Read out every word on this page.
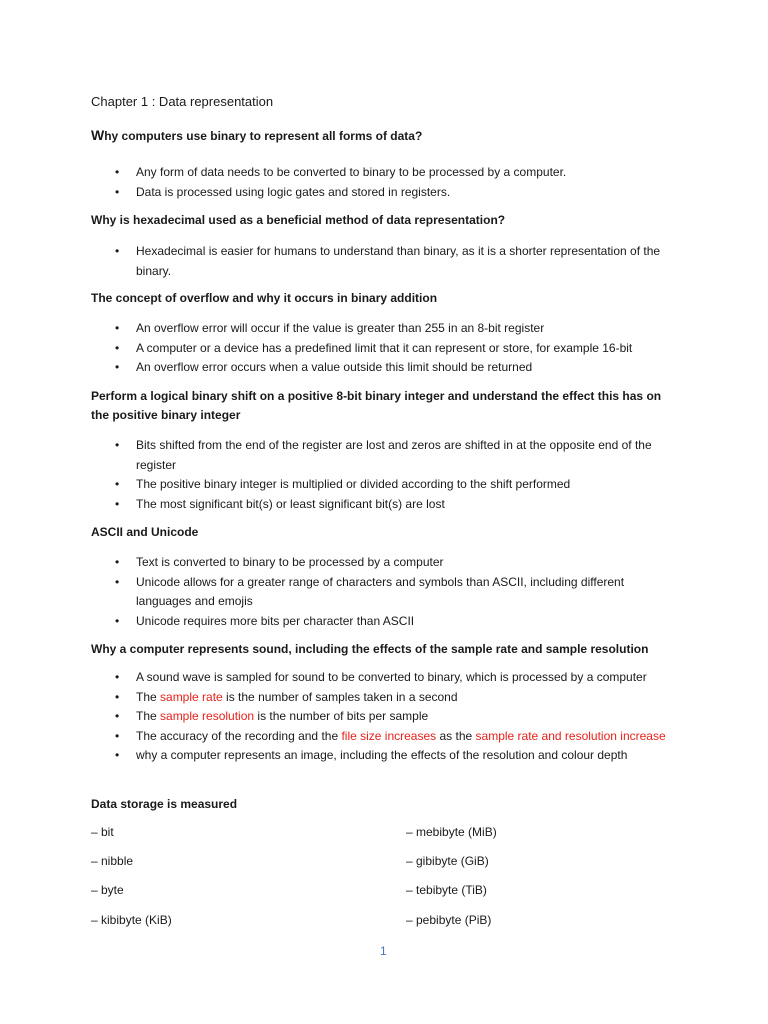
Chapter 1 : Data representation
Why computers use binary to represent all forms of data?
• Any form of data needs to be converted to binary to be processed by a computer.
• Data is processed using logic gates and stored in registers.
Why is hexadecimal used as a beneficial method of data representation?
• Hexadecimal is easier for humans to understand than binary, as it is a shorter representation of the binary.
The concept of overflow and why it occurs in binary addition
• An overflow error will occur if the value is greater than 255 in an 8-bit register
• A computer or a device has a predefined limit that it can represent or store, for example 16-bit
• An overflow error occurs when a value outside this limit should be returned
Perform a logical binary shift on a positive 8-bit binary integer and understand the effect this has on the positive binary integer
• Bits shifted from the end of the register are lost and zeros are shifted in at the opposite end of the register
• The positive binary integer is multiplied or divided according to the shift performed
• The most significant bit(s) or least significant bit(s) are lost
ASCII and Unicode
• Text is converted to binary to be processed by a computer
• Unicode allows for a greater range of characters and symbols than ASCII, including different languages and emojis
• Unicode requires more bits per character than ASCII
Why a computer represents sound, including the effects of the sample rate and sample resolution
• A sound wave is sampled for sound to be converted to binary, which is processed by a computer
• The sample rate is the number of samples taken in a second
• The sample resolution is the number of bits per sample
• The accuracy of the recording and the file size increases as the sample rate and resolution increase
• why a computer represents an image, including the effects of the resolution and colour depth
Data storage is measured
– bit
– nibble
– byte
– kibibyte (KiB)
– mebibyte (MiB)
– gibibyte (GiB)
– tebibyte (TiB)
– pebibyte (PiB)
1
